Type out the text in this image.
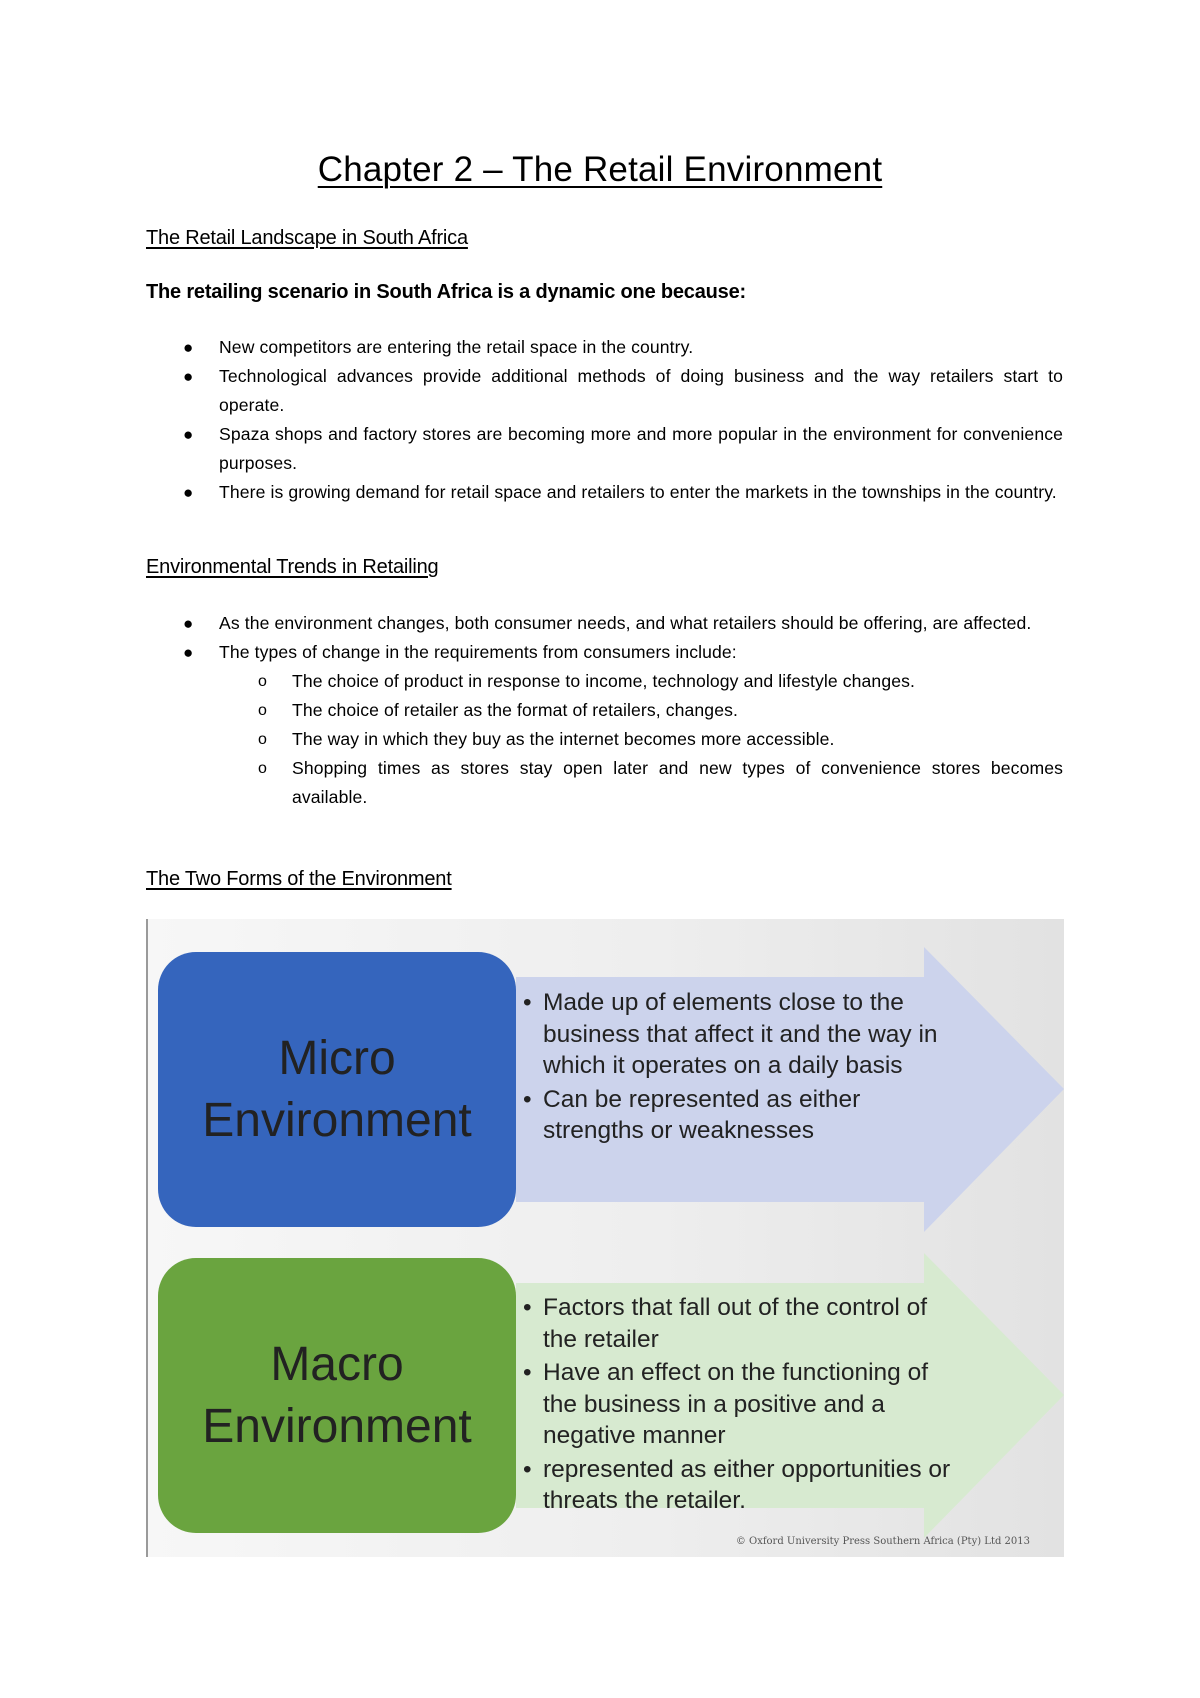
Chapter 2 – The Retail Environment
The Retail Landscape in South Africa
The retailing scenario in South Africa is a dynamic one because:
● New competitors are entering the retail space in the country.
● Technological advances provide additional methods of doing business and the way retailers start to operate.
● Spaza shops and factory stores are becoming more and more popular in the environment for convenience purposes.
● There is growing demand for retail space and retailers to enter the markets in the townships in the country.
Environmental Trends in Retailing
● As the environment changes, both consumer needs, and what retailers should be offering, are affected.
● The types of change in the requirements from consumers include:
o The choice of product in response to income, technology and lifestyle changes.
o The choice of retailer as the format of retailers, changes.
o The way in which they buy as the internet becomes more accessible.
o Shopping times as stores stay open later and new types of convenience stores becomes available.
The Two Forms of the Environment
Micro
Environment
• Made up of elements close to the business that affect it and the way in which it operates on a daily basis
• Can be represented as either strengths or weaknesses
Macro
Environment
• Factors that fall out of the control of the retailer
• Have an effect on the functioning of the business in a positive and a negative manner
• represented as either opportunities or threats the retailer.
© Oxford University Press Southern Africa (Pty) Ltd 2013
